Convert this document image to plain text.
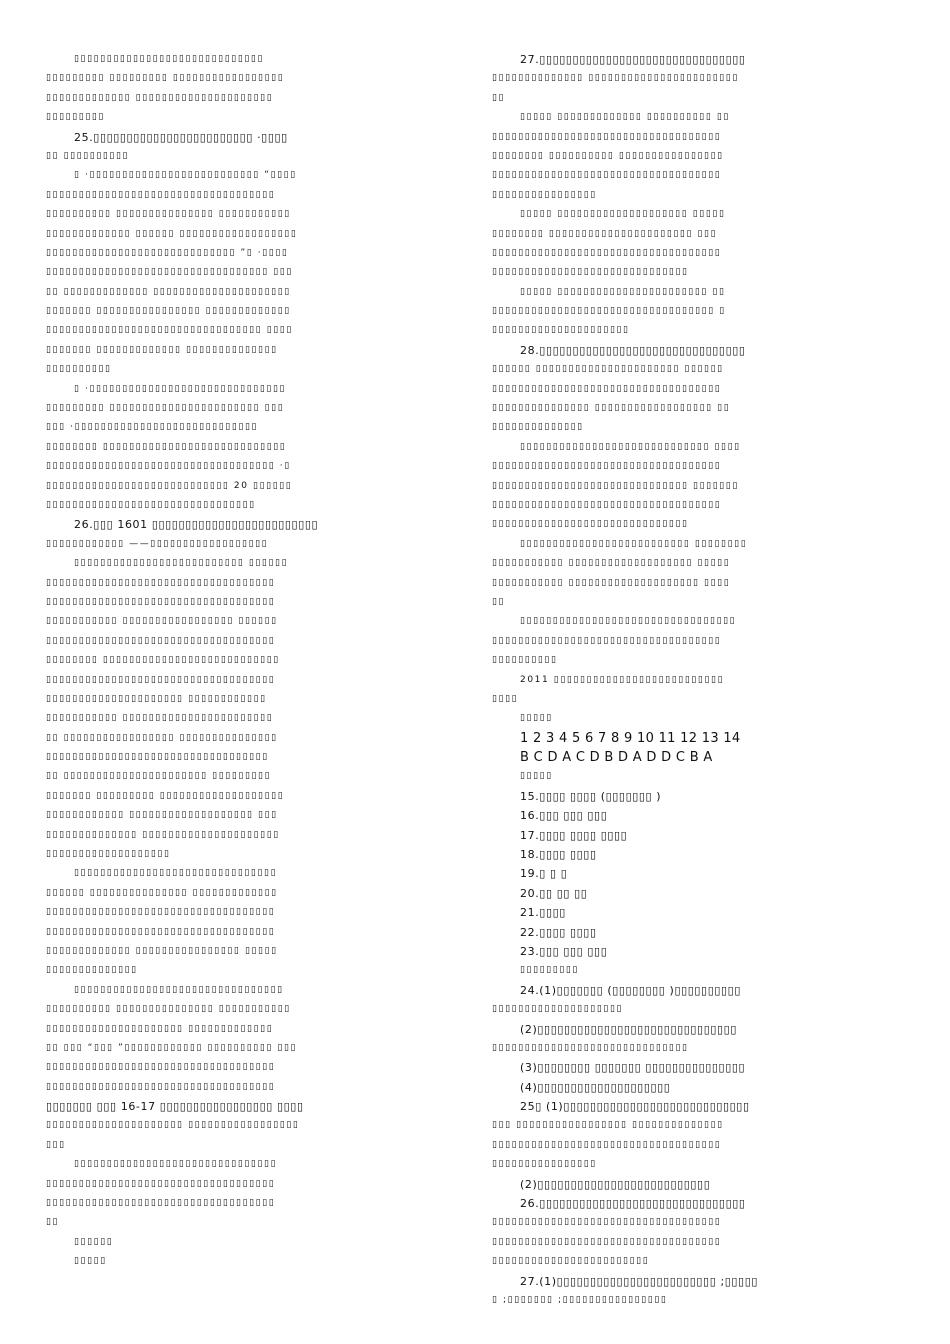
▯▯▯▯▯▯▯▯▯▯▯▯▯▯▯▯▯▯▯▯▯▯▯▯▯▯▯▯▯
▯▯▯▯▯▯▯▯▯ ▯▯▯▯▯▯▯▯▯ ▯▯▯▯▯▯▯▯▯▯▯▯▯▯▯▯▯
▯▯▯▯▯▯▯▯▯▯▯▯▯ ▯▯▯▯▯▯▯▯▯▯▯▯▯▯▯▯▯▯▯▯▯
▯▯▯▯▯▯▯▯▯
25.▯▯▯▯▯▯▯▯▯▯▯▯▯▯▯▯▯▯▯▯▯▯▯▯ ·▯▯▯▯
▯▯ ▯▯▯▯▯▯▯▯▯▯
▯ ·▯▯▯▯▯▯▯▯▯▯▯▯▯▯▯▯▯▯▯▯▯▯▯▯▯▯ “▯▯▯▯
▯▯▯▯▯▯▯▯▯▯▯▯▯▯▯▯▯▯▯▯▯▯▯▯▯▯▯▯▯▯▯▯▯▯▯
▯▯▯▯▯▯▯▯▯▯ ▯▯▯▯▯▯▯▯▯▯▯▯▯▯▯ ▯▯▯▯▯▯▯▯▯▯▯
▯▯▯▯▯▯▯▯▯▯▯▯▯ ▯▯▯▯▯▯ ▯▯▯▯▯▯▯▯▯▯▯▯▯▯▯▯▯▯
▯▯▯▯▯▯▯▯▯▯▯▯▯▯▯▯▯▯▯▯▯▯▯▯▯▯▯▯▯ ”▯ ·▯▯▯▯
▯▯▯▯▯▯▯▯▯▯▯▯▯▯▯▯▯▯▯▯▯▯▯▯▯▯▯▯▯▯▯▯▯▯ ▯▯▯
▯▯ ▯▯▯▯▯▯▯▯▯▯▯▯▯ ▯▯▯▯▯▯▯▯▯▯▯▯▯▯▯▯▯▯▯▯▯
▯▯▯▯▯▯▯ ▯▯▯▯▯▯▯▯▯▯▯▯▯▯▯▯ ▯▯▯▯▯▯▯▯▯▯▯▯▯
▯▯▯▯▯▯▯▯▯▯▯▯▯▯▯▯▯▯▯▯▯▯▯▯▯▯▯▯▯▯▯▯▯ ▯▯▯▯
▯▯▯▯▯▯▯ ▯▯▯▯▯▯▯▯▯▯▯▯▯ ▯▯▯▯▯▯▯▯▯▯▯▯▯▯
▯▯▯▯▯▯▯▯▯▯
▯ ·▯▯▯▯▯▯▯▯▯▯▯▯▯▯▯▯▯▯▯▯▯▯▯▯▯▯▯▯▯▯
▯▯▯▯▯▯▯▯▯ ▯▯▯▯▯▯▯▯▯▯▯▯▯▯▯▯▯▯▯▯▯▯▯ ▯▯▯
▯▯▯ ·▯▯▯▯▯▯▯▯▯▯▯▯▯▯▯▯▯▯▯▯▯▯▯▯▯▯▯▯
▯▯▯▯▯▯▯▯ ▯▯▯▯▯▯▯▯▯▯▯▯▯▯▯▯▯▯▯▯▯▯▯▯▯▯▯▯
▯▯▯▯▯▯▯▯▯▯▯▯▯▯▯▯▯▯▯▯▯▯▯▯▯▯▯▯▯▯▯▯▯▯▯ ·▯
▯▯▯▯▯▯▯▯▯▯▯▯▯▯▯▯▯▯▯▯▯▯▯▯▯▯▯▯ 20 ▯▯▯▯▯▯
▯▯▯▯▯▯▯▯▯▯▯▯▯▯▯▯▯▯▯▯▯▯▯▯▯▯▯▯▯▯▯▯
26.▯▯▯ 1601 ▯▯▯▯▯▯▯▯▯▯▯▯▯▯▯▯▯▯▯▯▯▯▯▯▯
▯▯▯▯▯▯▯▯▯▯▯▯ ——▯▯▯▯▯▯▯▯▯▯▯▯▯▯▯▯▯▯
▯▯▯▯▯▯▯▯▯▯▯▯▯▯▯▯▯▯▯▯▯▯▯▯▯▯ ▯▯▯▯▯▯
▯▯▯▯▯▯▯▯▯▯▯▯▯▯▯▯▯▯▯▯▯▯▯▯▯▯▯▯▯▯▯▯▯▯▯
▯▯▯▯▯▯▯▯▯▯▯▯▯▯▯▯▯▯▯▯▯▯▯▯▯▯▯▯▯▯▯▯▯▯▯
▯▯▯▯▯▯▯▯▯▯▯ ▯▯▯▯▯▯▯▯▯▯▯▯▯▯▯▯▯ ▯▯▯▯▯▯
▯▯▯▯▯▯▯▯▯▯▯▯▯▯▯▯▯▯▯▯▯▯▯▯▯▯▯▯▯▯▯▯▯▯▯
▯▯▯▯▯▯▯▯ ▯▯▯▯▯▯▯▯▯▯▯▯▯▯▯▯▯▯▯▯▯▯▯▯▯▯▯
▯▯▯▯▯▯▯▯▯▯▯▯▯▯▯▯▯▯▯▯▯▯▯▯▯▯▯▯▯▯▯▯▯▯▯
▯▯▯▯▯▯▯▯▯▯▯▯▯▯▯▯▯▯▯▯▯ ▯▯▯▯▯▯▯▯▯▯▯▯
▯▯▯▯▯▯▯▯▯▯▯ ▯▯▯▯▯▯▯▯▯▯▯▯▯▯▯▯▯▯▯▯▯▯▯
▯▯ ▯▯▯▯▯▯▯▯▯▯▯▯▯▯▯▯▯ ▯▯▯▯▯▯▯▯▯▯▯▯▯▯▯
▯▯▯▯▯▯▯▯▯▯▯▯▯▯▯▯▯▯▯▯▯▯▯▯▯▯▯▯▯▯▯▯▯▯
▯▯ ▯▯▯▯▯▯▯▯▯▯▯▯▯▯▯▯▯▯▯▯▯▯ ▯▯▯▯▯▯▯▯▯
▯▯▯▯▯▯▯ ▯▯▯▯▯▯▯▯▯ ▯▯▯▯▯▯▯▯▯▯▯▯▯▯▯▯▯▯▯
▯▯▯▯▯▯▯▯▯▯▯▯ ▯▯▯▯▯▯▯▯▯▯▯▯▯▯▯▯▯▯▯ ▯▯▯
▯▯▯▯▯▯▯▯▯▯▯▯▯▯ ▯▯▯▯▯▯▯▯▯▯▯▯▯▯▯▯▯▯▯▯▯
▯▯▯▯▯▯▯▯▯▯▯▯▯▯▯▯▯▯▯
▯▯▯▯▯▯▯▯▯▯▯▯▯▯▯▯▯▯▯▯▯▯▯▯▯▯▯▯▯▯▯
▯▯▯▯▯▯ ▯▯▯▯▯▯▯▯▯▯▯▯▯▯▯ ▯▯▯▯▯▯▯▯▯▯▯▯▯
▯▯▯▯▯▯▯▯▯▯▯▯▯▯▯▯▯▯▯▯▯▯▯▯▯▯▯▯▯▯▯▯▯▯▯
▯▯▯▯▯▯▯▯▯▯▯▯▯▯▯▯▯▯▯▯▯▯▯▯▯▯▯▯▯▯▯▯▯▯▯
▯▯▯▯▯▯▯▯▯▯▯▯▯ ▯▯▯▯▯▯▯▯▯▯▯▯▯▯▯▯ ▯▯▯▯▯
▯▯▯▯▯▯▯▯▯▯▯▯▯▯
▯▯▯▯▯▯▯▯▯▯▯▯▯▯▯▯▯▯▯▯▯▯▯▯▯▯▯▯▯▯▯▯
▯▯▯▯▯▯▯▯▯▯ ▯▯▯▯▯▯▯▯▯▯▯▯▯▯▯ ▯▯▯▯▯▯▯▯▯▯▯
▯▯▯▯▯▯▯▯▯▯▯▯▯▯▯▯▯▯▯▯▯ ▯▯▯▯▯▯▯▯▯▯▯▯▯
▯▯ ▯▯▯ “▯▯▯ ”▯▯▯▯▯▯▯▯▯▯▯▯ ▯▯▯▯▯▯▯▯▯▯ ▯▯▯
▯▯▯▯▯▯▯▯▯▯▯▯▯▯▯▯▯▯▯▯▯▯▯▯▯▯▯▯▯▯▯▯▯▯▯
▯▯▯▯▯▯▯▯▯▯▯▯▯▯▯▯▯▯▯▯▯▯▯▯▯▯▯▯▯▯▯▯▯▯▯
▯▯▯▯▯▯▯ ▯▯▯ 16-17 ▯▯▯▯▯▯▯▯▯▯▯▯▯▯▯▯▯ ▯▯▯▯
▯▯▯▯▯▯▯▯▯▯▯▯▯▯▯▯▯▯▯▯▯ ▯▯▯▯▯▯▯▯▯▯▯▯▯▯▯▯▯
▯▯▯
▯▯▯▯▯▯▯▯▯▯▯▯▯▯▯▯▯▯▯▯▯▯▯▯▯▯▯▯▯▯▯
▯▯▯▯▯▯▯▯▯▯▯▯▯▯▯▯▯▯▯▯▯▯▯▯▯▯▯▯▯▯▯▯▯▯▯
▯▯▯▯▯▯▯▯▯▯▯▯▯▯▯▯▯▯▯▯▯▯▯▯▯▯▯▯▯▯▯▯▯▯▯
▯▯
▯▯▯▯▯▯
▯▯▯▯▯
27.▯▯▯▯▯▯▯▯▯▯▯▯▯▯▯▯▯▯▯▯▯▯▯▯▯▯▯▯▯▯▯
▯▯▯▯▯▯▯▯▯▯▯▯▯▯ ▯▯▯▯▯▯▯▯▯▯▯▯▯▯▯▯▯▯▯▯▯▯▯
▯▯
▯▯▯▯▯ ▯▯▯▯▯▯▯▯▯▯▯▯▯ ▯▯▯▯▯▯▯▯▯▯ ▯▯
▯▯▯▯▯▯▯▯▯▯▯▯▯▯▯▯▯▯▯▯▯▯▯▯▯▯▯▯▯▯▯▯▯▯▯
▯▯▯▯▯▯▯▯ ▯▯▯▯▯▯▯▯▯▯ ▯▯▯▯▯▯▯▯▯▯▯▯▯▯▯▯
▯▯▯▯▯▯▯▯▯▯▯▯▯▯▯▯▯▯▯▯▯▯▯▯▯▯▯▯▯▯▯▯▯▯▯
▯▯▯▯▯▯▯▯▯▯▯▯▯▯▯▯
▯▯▯▯▯ ▯▯▯▯▯▯▯▯▯▯▯▯▯▯▯▯▯▯▯▯ ▯▯▯▯▯
▯▯▯▯▯▯▯▯ ▯▯▯▯▯▯▯▯▯▯▯▯▯▯▯▯▯▯▯▯▯▯ ▯▯▯
▯▯▯▯▯▯▯▯▯▯▯▯▯▯▯▯▯▯▯▯▯▯▯▯▯▯▯▯▯▯▯▯▯▯▯
▯▯▯▯▯▯▯▯▯▯▯▯▯▯▯▯▯▯▯▯▯▯▯▯▯▯▯▯▯▯
▯▯▯▯▯ ▯▯▯▯▯▯▯▯▯▯▯▯▯▯▯▯▯▯▯▯▯▯▯ ▯▯
▯▯▯▯▯▯▯▯▯▯▯▯▯▯▯▯▯▯▯▯▯▯▯▯▯▯▯▯▯▯▯▯▯▯ ▯
▯▯▯▯▯▯▯▯▯▯▯▯▯▯▯▯▯▯▯▯▯
28.▯▯▯▯▯▯▯▯▯▯▯▯▯▯▯▯▯▯▯▯▯▯▯▯▯▯▯▯▯▯▯
▯▯▯▯▯▯ ▯▯▯▯▯▯▯▯▯▯▯▯▯▯▯▯▯▯▯▯▯▯ ▯▯▯▯▯▯
▯▯▯▯▯▯▯▯▯▯▯▯▯▯▯▯▯▯▯▯▯▯▯▯▯▯▯▯▯▯▯▯▯▯▯
▯▯▯▯▯▯▯▯▯▯▯▯▯▯▯ ▯▯▯▯▯▯▯▯▯▯▯▯▯▯▯▯▯▯ ▯▯
▯▯▯▯▯▯▯▯▯▯▯▯▯▯
▯▯▯▯▯▯▯▯▯▯▯▯▯▯▯▯▯▯▯▯▯▯▯▯▯▯▯▯▯ ▯▯▯▯
▯▯▯▯▯▯▯▯▯▯▯▯▯▯▯▯▯▯▯▯▯▯▯▯▯▯▯▯▯▯▯▯▯▯▯
▯▯▯▯▯▯▯▯▯▯▯▯▯▯▯▯▯▯▯▯▯▯▯▯▯▯▯▯▯▯ ▯▯▯▯▯▯▯
▯▯▯▯▯▯▯▯▯▯▯▯▯▯▯▯▯▯▯▯▯▯▯▯▯▯▯▯▯▯▯▯▯▯▯
▯▯▯▯▯▯▯▯▯▯▯▯▯▯▯▯▯▯▯▯▯▯▯▯▯▯▯▯▯▯
▯▯▯▯▯▯▯▯▯▯▯▯▯▯▯▯▯▯▯▯▯▯▯▯▯▯ ▯▯▯▯▯▯▯▯
▯▯▯▯▯▯▯▯▯▯▯ ▯▯▯▯▯▯▯▯▯▯▯▯▯▯▯▯▯▯▯ ▯▯▯▯▯
▯▯▯▯▯▯▯▯▯▯▯ ▯▯▯▯▯▯▯▯▯▯▯▯▯▯▯▯▯▯▯▯ ▯▯▯▯
▯▯
▯▯▯▯▯▯▯▯▯▯▯▯▯▯▯▯▯▯▯▯▯▯▯▯▯▯▯▯▯▯▯▯▯
▯▯▯▯▯▯▯▯▯▯▯▯▯▯▯▯▯▯▯▯▯▯▯▯▯▯▯▯▯▯▯▯▯▯▯
▯▯▯▯▯▯▯▯▯▯
2011 ▯▯▯▯▯▯▯▯▯▯▯▯▯▯▯▯▯▯▯▯▯▯▯▯▯▯
▯▯▯▯
▯▯▯▯▯
1 2 3 4 5 6 7 8 9 10 11 12 13 14
B C D A C D B D A D D C B A
▯▯▯▯▯
15.▯▯▯▯ ▯▯▯▯ (▯▯▯▯▯▯▯ )
16.▯▯▯ ▯▯▯ ▯▯▯
17.▯▯▯▯ ▯▯▯▯ ▯▯▯▯
18.▯▯▯▯ ▯▯▯▯
19.▯ ▯ ▯
20.▯▯ ▯▯ ▯▯
21.▯▯▯▯
22.▯▯▯▯ ▯▯▯▯
23.▯▯▯ ▯▯▯ ▯▯▯
▯▯▯▯▯▯▯▯▯
24.(1)▯▯▯▯▯▯▯ (▯▯▯▯▯▯▯▯ )▯▯▯▯▯▯▯▯▯▯
▯▯▯▯▯▯▯▯▯▯▯▯▯▯▯▯▯▯▯▯
(2)▯▯▯▯▯▯▯▯▯▯▯▯▯▯▯▯▯▯▯▯▯▯▯▯▯▯▯▯▯▯
▯▯▯▯▯▯▯▯▯▯▯▯▯▯▯▯▯▯▯▯▯▯▯▯▯▯▯▯▯▯
(3)▯▯▯▯▯▯▯▯ ▯▯▯▯▯▯▯ ▯▯▯▯▯▯▯▯▯▯▯▯▯▯▯
(4)▯▯▯▯▯▯▯▯▯▯▯▯▯▯▯▯▯▯▯▯
25▯ (1)▯▯▯▯▯▯▯▯▯▯▯▯▯▯▯▯▯▯▯▯▯▯▯▯▯▯▯▯
▯▯▯ ▯▯▯▯▯▯▯▯▯▯▯▯▯▯▯▯▯ ▯▯▯▯▯▯▯▯▯▯▯▯▯▯
▯▯▯▯▯▯▯▯▯▯▯▯▯▯▯▯▯▯▯▯▯▯▯▯▯▯▯▯▯▯▯▯▯▯▯
▯▯▯▯▯▯▯▯▯▯▯▯▯▯▯▯
(2)▯▯▯▯▯▯▯▯▯▯▯▯▯▯▯▯▯▯▯▯▯▯▯▯▯▯
26.▯▯▯▯▯▯▯▯▯▯▯▯▯▯▯▯▯▯▯▯▯▯▯▯▯▯▯▯▯▯▯
▯▯▯▯▯▯▯▯▯▯▯▯▯▯▯▯▯▯▯▯▯▯▯▯▯▯▯▯▯▯▯▯▯▯▯
▯▯▯▯▯▯▯▯▯▯▯▯▯▯▯▯▯▯▯▯▯▯▯▯▯▯▯▯▯▯▯▯▯▯▯
▯▯▯▯▯▯▯▯▯▯▯▯▯▯▯▯▯▯▯▯▯▯▯▯
27.(1)▯▯▯▯▯▯▯▯▯▯▯▯▯▯▯▯▯▯▯▯▯▯▯▯ ;▯▯▯▯▯
▯ ;▯▯▯▯▯▯▯ ;▯▯▯▯▯▯▯▯▯▯▯▯▯▯▯▯
